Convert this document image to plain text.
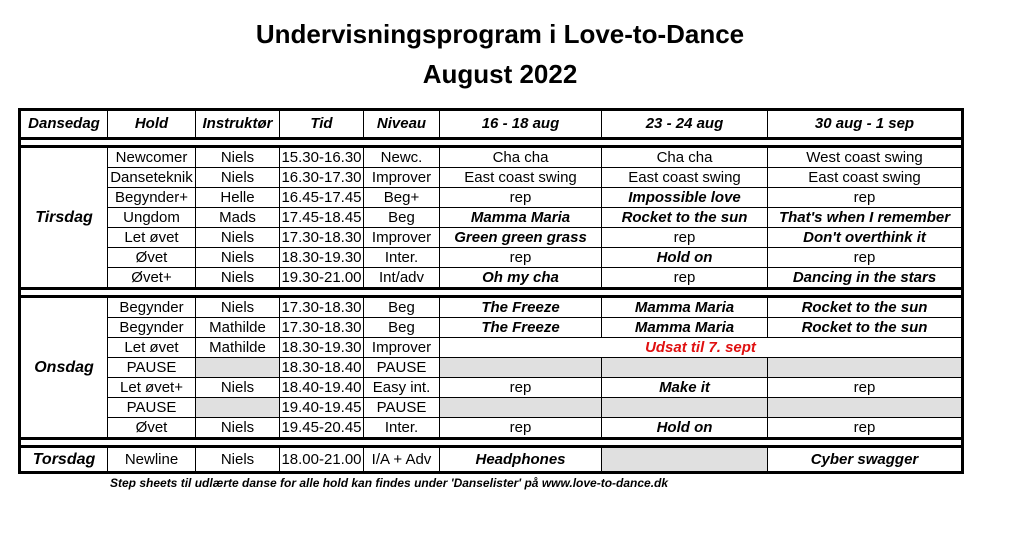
Undervisningsprogram i Love-to-Dance
August 2022
Dansedag	Hold	Instruktør	Tid	Niveau	16 - 18 aug	23 - 24 aug	30 aug - 1 sep

Tirsdag	Newcomer	Niels	15.30-16.30	Newc.	Cha cha	Cha cha	West coast swing
	Danseteknik	Niels	16.30-17.30	Improver	East coast swing	East coast swing	East coast swing
	Begynder+	Helle	16.45-17.45	Beg+	rep	Impossible love	rep
	Ungdom	Mads	17.45-18.45	Beg	Mamma Maria	Rocket to the sun	That's when I remember
	Let øvet	Niels	17.30-18.30	Improver	Green green grass	rep	Don't overthink it
	Øvet	Niels	18.30-19.30	Inter.	rep	Hold on	rep
	Øvet+	Niels	19.30-21.00	Int/adv	Oh my cha	rep	Dancing in the stars

Onsdag	Begynder	Niels	17.30-18.30	Beg	The Freeze	Mamma Maria	Rocket to the sun
	Begynder	Mathilde	17.30-18.30	Beg	The Freeze	Mamma Maria	Rocket to the sun
	Let øvet	Mathilde	18.30-19.30	Improver	Udsat til 7. sept		
	PAUSE		18.30-18.40	PAUSE			
	Let øvet+	Niels	18.40-19.40	Easy int.	rep	Make it	rep
	PAUSE		19.40-19.45	PAUSE			
	Øvet	Niels	19.45-20.45	Inter.	rep	Hold on	rep

Torsdag	Newline	Niels	18.00-21.00	I/A + Adv	Headphones		Cyber swagger
Step sheets til udlærte danse for alle hold kan findes under 'Danselister' på www.love-to-dance.dk
